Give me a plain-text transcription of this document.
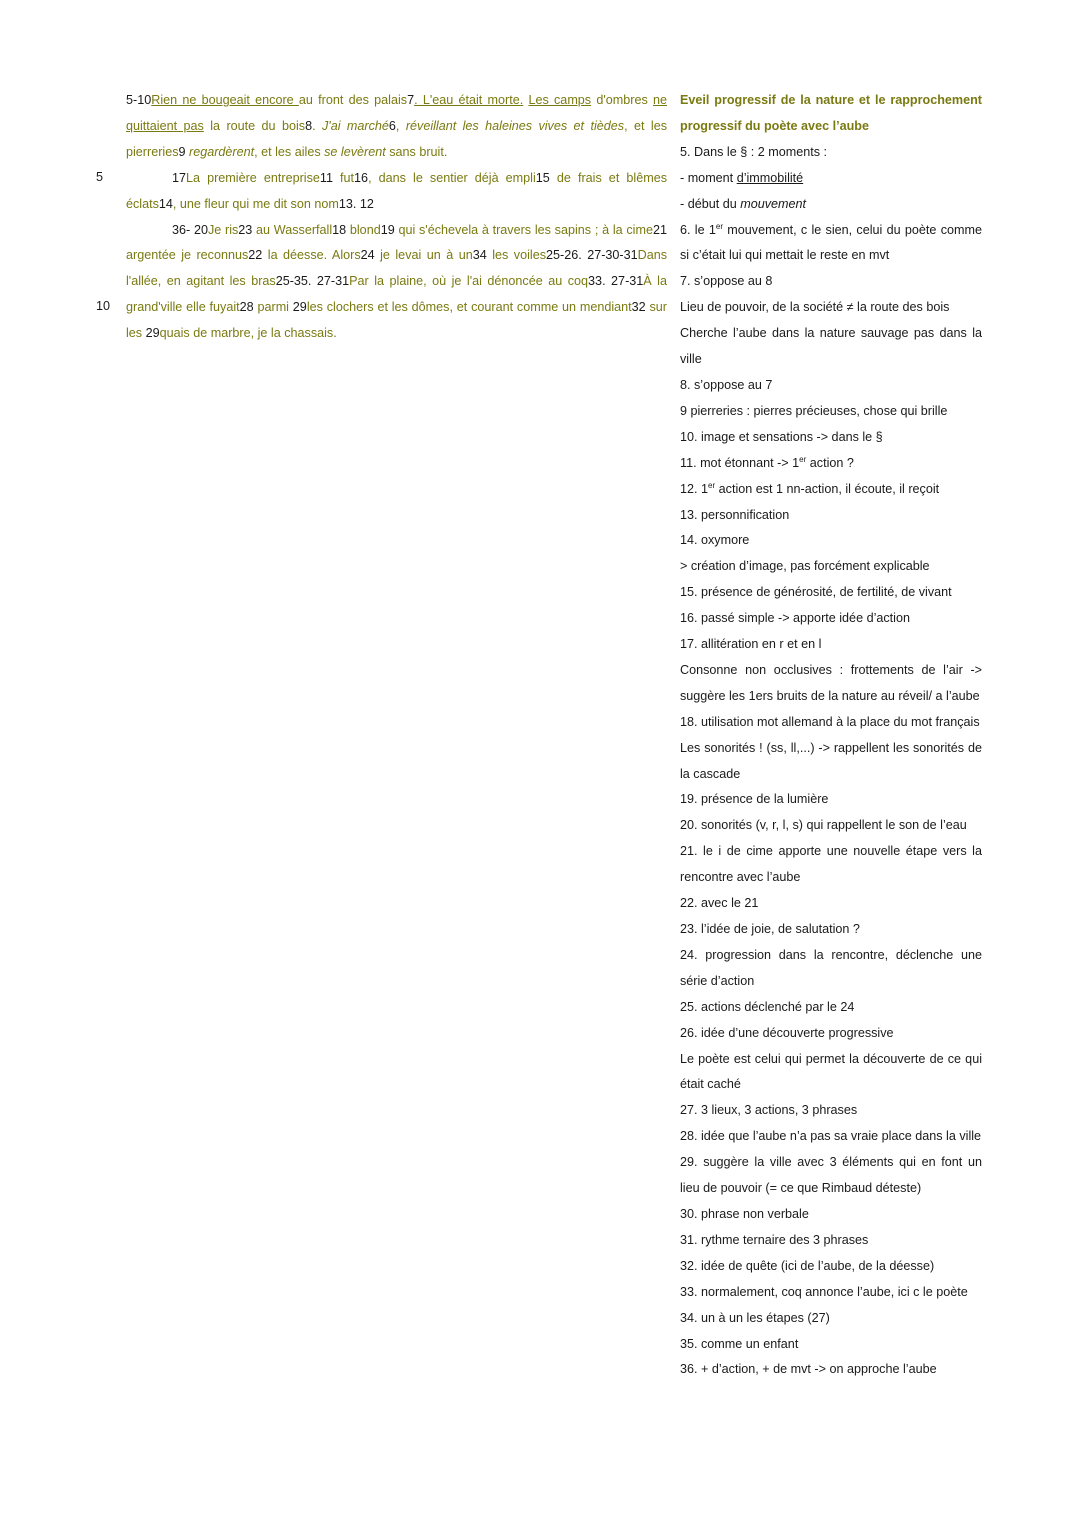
5
10

5-10Rien ne bougeait encore au front des palais7. L'eau était morte. Les camps d'ombres ne quittaient pas la route du bois8. J'ai marché6, réveillant les haleines vives et tièdes, et les pierreries9 regardèrent, et les ailes se levèrent sans bruit.

17La première entreprise11 fut16, dans le sentier déjà empli15 de frais et blêmes éclats14, une fleur qui me dit son nom13. 12

36- 20Je ris23 au Wasserfall18 blond19 qui s'échevela à travers les sapins ; à la cime21 argentée je reconnus22 la déesse. Alors24 je levai un à un34 les voiles25-26. 27-30-31Dans l'allée, en agitant les bras25-35. 27-31Par la plaine, où je l'ai dénoncée au coq33. 27-31À la grand'ville elle fuyait28 parmi 29les clochers et les dômes, et courant comme un mendiant32 sur les 29quais de marbre, je la chassais.

Eveil progressif de la nature et le rapprochement

progressif du poète avec l’aube

5. Dans le § : 2 moments :

- moment d’immobilité

- début du mouvement

6. le 1er mouvement, c le sien, celui du poète comme si c’était lui qui mettait le reste en mvt

7. s’oppose au 8

Lieu de pouvoir, de la société ≠ la route des bois

Cherche l’aube dans la nature sauvage pas dans la ville

8. s’oppose au 7

9 pierreries : pierres précieuses, chose qui brille

10. image et sensations -> dans le §

11. mot étonnant -> 1er action ?

12. 1er action est 1 nn-action, il écoute, il reçoit

13. personnification

14. oxymore

> création d’image, pas forcément explicable

15. présence de générosité, de fertilité, de vivant

16. passé simple -> apporte idée d’action

17. allitération en r et en l

Consonne non occlusives : frottements de l’air -> suggère les 1ers bruits de la nature au réveil/ a l’aube

18. utilisation mot allemand à la place du mot français

Les sonorités ! (ss, ll,...) -> rappellent les sonorités de la cascade

19. présence de la lumière

20. sonorités (v, r, l, s) qui rappellent le son de l’eau

21. le i de cime apporte une nouvelle étape vers la rencontre avec l’aube

22. avec le 21

23. l’idée de joie, de salutation ?

24. progression dans la rencontre, déclenche une série d’action

25. actions déclenché par le 24

26. idée d’une découverte progressive

Le poète est celui qui permet la découverte de ce qui était caché

27. 3 lieux, 3 actions, 3 phrases

28. idée que l’aube n’a pas sa vraie place dans la ville

29. suggère la ville avec 3 éléments qui en font un lieu de pouvoir (= ce que Rimbaud déteste)

30. phrase non verbale

31. rythme ternaire des 3 phrases

32. idée de quête (ici de l’aube, de la déesse)

33. normalement, coq annonce l’aube, ici c le poète

34. un à un les étapes (27)

35. comme un enfant

36. + d’action, + de mvt -> on approche l’aube
